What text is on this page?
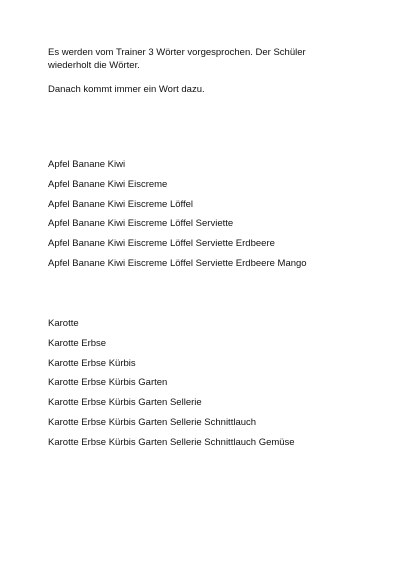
Es werden vom Trainer 3 Wörter vorgesprochen. Der Schüler wiederholt die Wörter.

Danach kommt immer ein Wort dazu.

Apfel Banane Kiwi
Apfel Banane Kiwi Eiscreme
Apfel Banane Kiwi Eiscreme Löffel
Apfel Banane Kiwi Eiscreme Löffel Serviette
Apfel Banane Kiwi Eiscreme Löffel Serviette Erdbeere
Apfel Banane Kiwi Eiscreme Löffel Serviette Erdbeere Mango
Karotte
Karotte Erbse
Karotte Erbse Kürbis
Karotte Erbse Kürbis Garten
Karotte Erbse Kürbis Garten Sellerie
Karotte Erbse Kürbis Garten Sellerie Schnittlauch
Karotte Erbse Kürbis Garten Sellerie Schnittlauch Gemüse
